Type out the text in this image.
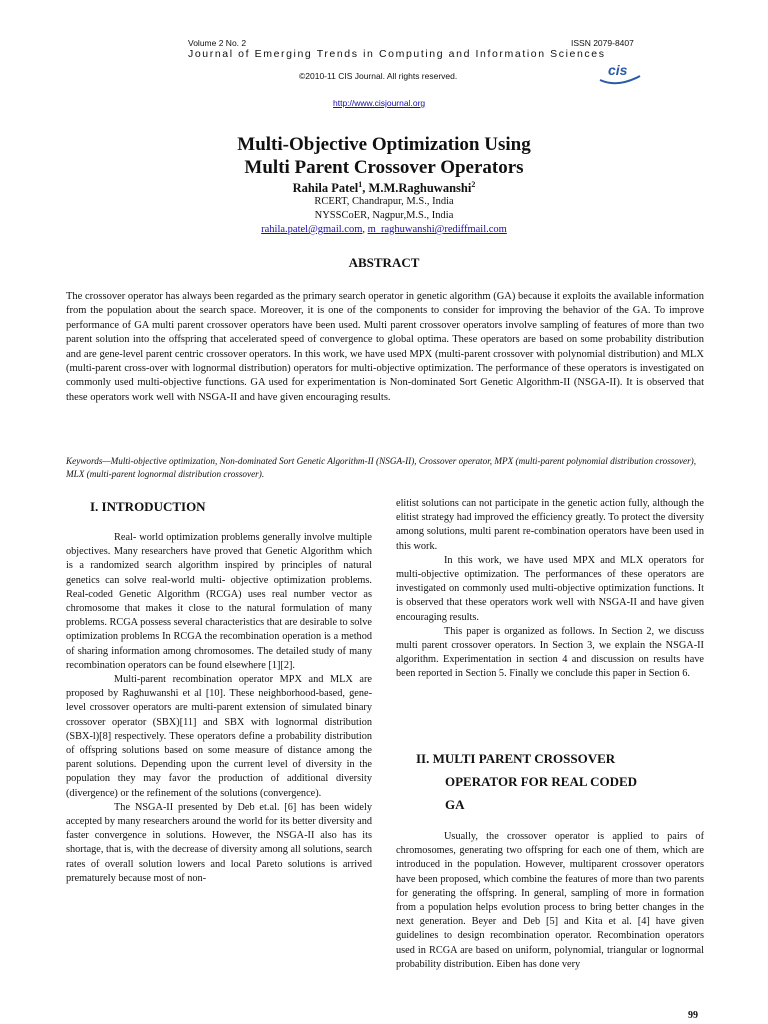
Volume 2 No. 2	ISSN 2079-8407
Journal of Emerging Trends in Computing and Information Sciences
cis
©2010-11 CIS Journal. All rights reserved.
http://www.cisjournal.org
Multi-Objective Optimization Using
Multi Parent Crossover Operators
Rahila Patel$^1$, M.M.Raghuwanshi$^2$
RCERT, Chandrapur, M.S., India
NYSSCoER, Nagpur,M.S., India
rahila.patel@gmail.com, m_raghuwanshi@rediffmail.com
ABSTRACT
The crossover operator has always been regarded as the primary search operator in genetic algorithm (GA) because it exploits the available information from the population about the search space. Moreover, it is one of the components to consider for improving the behavior of the GA. To improve performance of GA multi parent crossover operators have been used. Multi parent crossover operators involve sampling of features of more than two parent solution into the offspring that accelerated speed of convergence to global optima. These operators are based on some probability distribution and are gene-level parent centric crossover operators. In this work, we have used MPX (multi-parent crossover with polynomial distribution) and MLX (multi-parent cross-over with lognormal distribution) operators for multi-objective optimization. The performance of these operators is investigated on commonly used multi-objective functions. GA used for experimentation is Non-dominated Sort Genetic Algorithm-II (NSGA-II). It is observed that these operators work well with NSGA-II and have given encouraging results.
Keywords—Multi-objective optimization, Non-dominated Sort Genetic Algorithm-II (NSGA-II), Crossover operator, MPX (multi-parent polynomial distribution crossover), MLX (multi-parent lognormal distribution crossover).
I. INTRODUCTION

Real- world optimization problems generally involve multiple objectives. Many researchers have proved that Genetic Algorithm which is a randomized search algorithm inspired by principles of natural genetics can solve real-world multi- objective optimization problems. Real-coded Genetic Algorithm (RCGA) uses real number vector as chromosome that makes it close to the natural formulation of many problems. RCGA possess several characteristics that are desirable to solve optimization problems In RCGA the recombination operation is a method of sharing information among chromosomes. The detailed study of many recombination operators can be found elsewhere [1][2].

Multi-parent recombination operator MPX and MLX are proposed by Raghuwanshi et al [10]. These neighborhood-based, gene-level crossover operators are multi-parent extension of simulated binary crossover operator (SBX)[11] and SBX with lognormal distribution (SBX-l)[8] respectively. These operators define a probability distribution of offspring solutions based on some measure of distance among the parent solutions. Depending upon the current level of diversity in the population they may favor the production of additional diversity (divergence) or the refinement of the solutions (convergence).

The NSGA-II presented by Deb et.al. [6] has been widely accepted by many researchers around the world for its better diversity and faster convergence in solutions. However, the NSGA-II also has its shortage, that is, with the decrease of diversity among all solutions, search rates of overall solution lowers and local Pareto solutions is arrived prematurely because most of non-

elitist solutions can not participate in the genetic action fully, although the elitist strategy had improved the efficiency greatly. To protect the diversity among solutions, multi parent re-combination operators have been used in this work.

In this work, we have used MPX and MLX operators for multi-objective optimization. The performances of these operators are investigated on commonly used multi-objective optimization functions. It is observed that these operators work well with NSGA-II and have given encouraging results.

This paper is organized as follows. In Section 2, we discuss multi parent crossover operators. In Section 3, we explain the NSGA-II algorithm. Experimentation in section 4 and discussion on results have been reported in Section 5. Finally we conclude this paper in Section 6.

II. MULTI PARENT CROSSOVER
OPERATOR FOR REAL CODED
GA

Usually, the crossover operator is applied to pairs of chromosomes, generating two offspring for each one of them, which are introduced in the population. However, multiparent crossover operators have been proposed, which combine the features of more than two parents for generating the offspring. In general, sampling of more in formation from a population helps evolution process to bring better changes in the next generation. Beyer and Deb [5] and Kita et al. [4] have given guidelines to design recombination operator. Recombination operators used in RCGA are based on uniform, polynomial, triangular or lognormal probability distribution. Eiben has done very

99
